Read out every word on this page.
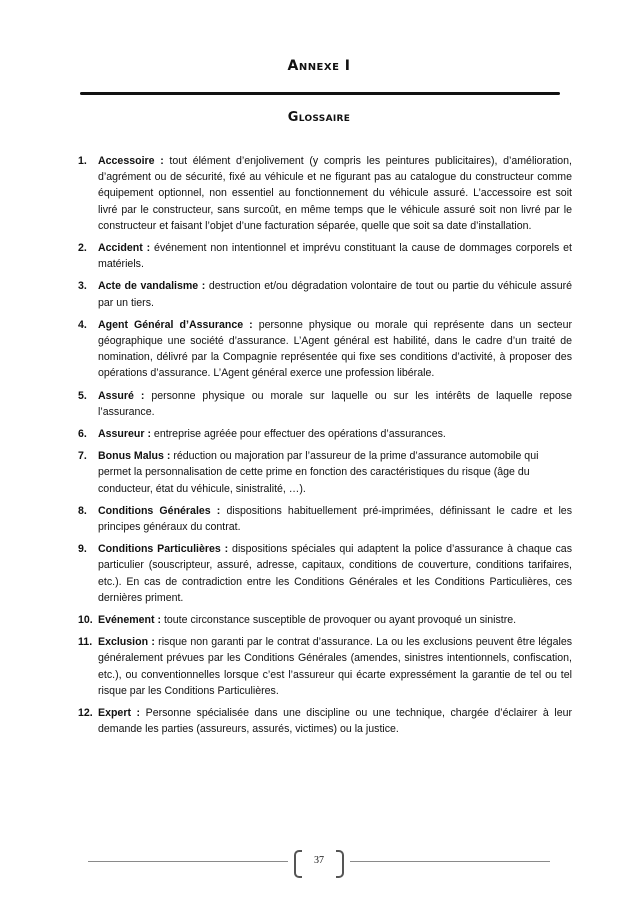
Annexe I
Glossaire
1. Accessoire : tout élément d’enjolivement (y compris les peintures publicitaires), d’amélioration, d’agrément ou de sécurité, fixé au véhicule et ne figurant pas au catalogue du constructeur comme équipement optionnel, non essentiel au fonctionnement du véhicule assuré. L’accessoire est soit livré par le constructeur, sans surcoût, en même temps que le véhicule assuré soit non livré par le constructeur et faisant l’objet d’une facturation séparée, quelle que soit sa date d’installation.
2. Accident : événement non intentionnel et imprévu constituant la cause de dommages corporels et matériels.
3. Acte de vandalisme : destruction et/ou dégradation volontaire de tout ou partie du véhicule assuré par un tiers.
4. Agent Général d’Assurance : personne physique ou morale qui représente dans un secteur géographique une société d’assurance. L’Agent général est habilité, dans le cadre d’un traité de nomination, délivré par la Compagnie représentée qui fixe ses conditions d’activité, à proposer des opérations d’assurance. L’Agent général exerce une profession libérale.
5. Assuré : personne physique ou morale sur laquelle ou sur les intérêts de laquelle repose l’assurance.
6. Assureur : entreprise agréée pour effectuer des opérations d’assurances.
7. Bonus Malus : réduction ou majoration par l’assureur de la prime d’assurance automobile qui permet la personnalisation de cette prime en fonction des caractéristiques du risque (âge du conducteur, état du véhicule, sinistralité, …).
8. Conditions Générales : dispositions habituellement pré-imprimées, définissant le cadre et les principes généraux du contrat.
9. Conditions Particulières : dispositions spéciales qui adaptent la police d’assurance à chaque cas particulier (souscripteur, assuré, adresse, capitaux, conditions de couverture, conditions tarifaires, etc.). En cas de contradiction entre les Conditions Générales et les Conditions Particulières, ces dernières priment.
10. Evénement : toute circonstance susceptible de provoquer ou ayant provoqué un sinistre.
11. Exclusion : risque non garanti par le contrat d’assurance. La ou les exclusions peuvent être légales généralement prévues par les Conditions Générales (amendes, sinistres intentionnels, confiscation, etc.), ou conventionnelles lorsque c’est l’assureur qui écarte expressément la garantie de tel ou tel risque par les Conditions Particulières.
12. Expert : Personne spécialisée dans une discipline ou une technique, chargée d’éclairer à leur demande les parties (assureurs, assurés, victimes) ou la justice.
37
